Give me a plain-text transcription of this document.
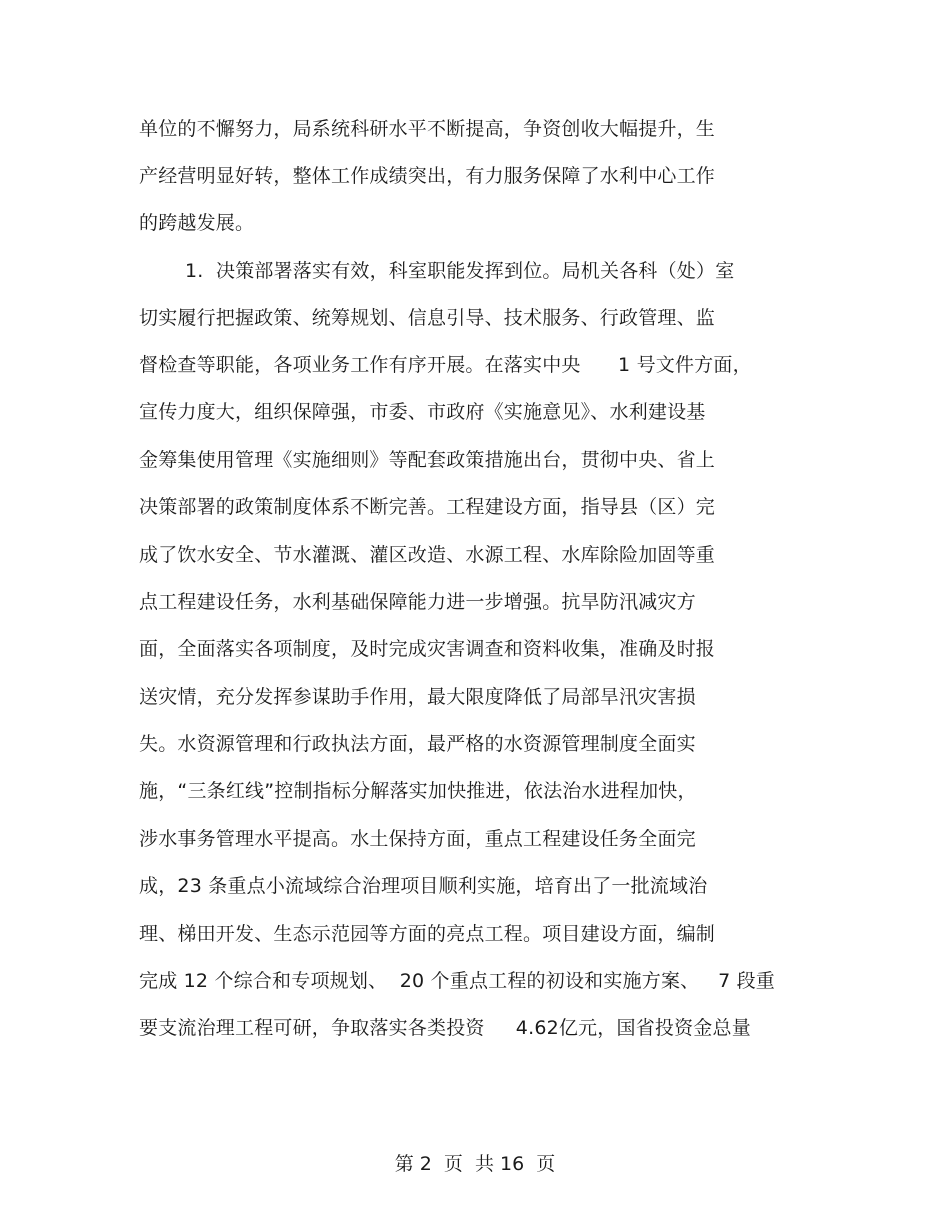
单位的不懈努力，局系统科研水平不断提高，争资创收大幅提升，生
产经营明显好转，整体工作成绩突出，有力服务保障了水利中心工作
的跨越发展。
1.  决策部署落实有效，科室职能发挥到位。局机关各科（处）室
切实履行把握政策、统筹规划、信息引导、技术服务、行政管理、监
督检查等职能，各项业务工作有序开展。在落实中央      1 号文件方面，
宣传力度大，组织保障强，市委、市政府《实施意见》、水利建设基
金筹集使用管理《实施细则》等配套政策措施出台，贯彻中央、省上
决策部署的政策制度体系不断完善。工程建设方面，指导县（区）完
成了饮水安全、节水灌溉、灌区改造、水源工程、水库除险加固等重
点工程建设任务，水利基础保障能力进一步增强。抗旱防汛减灾方
面，全面落实各项制度，及时完成灾害调查和资料收集，准确及时报
送灾情，充分发挥参谋助手作用，最大限度降低了局部旱汛灾害损
失。水资源管理和行政执法方面，最严格的水资源管理制度全面实
施，“三条红线”控制指标分解落实加快推进，依法治水进程加快，
涉水事务管理水平提高。水土保持方面，重点工程建设任务全面完
成，23 条重点小流域综合治理项目顺利实施，培育出了一批流域治
理、梯田开发、生态示范园等方面的亮点工程。项目建设方面，编制
完成 12 个综合和专项规划、  20 个重点工程的初设和实施方案、   7 段重
要支流治理工程可研，争取落实各类投资     4.62亿元，国省投资金总量
第 2  页  共 16  页
